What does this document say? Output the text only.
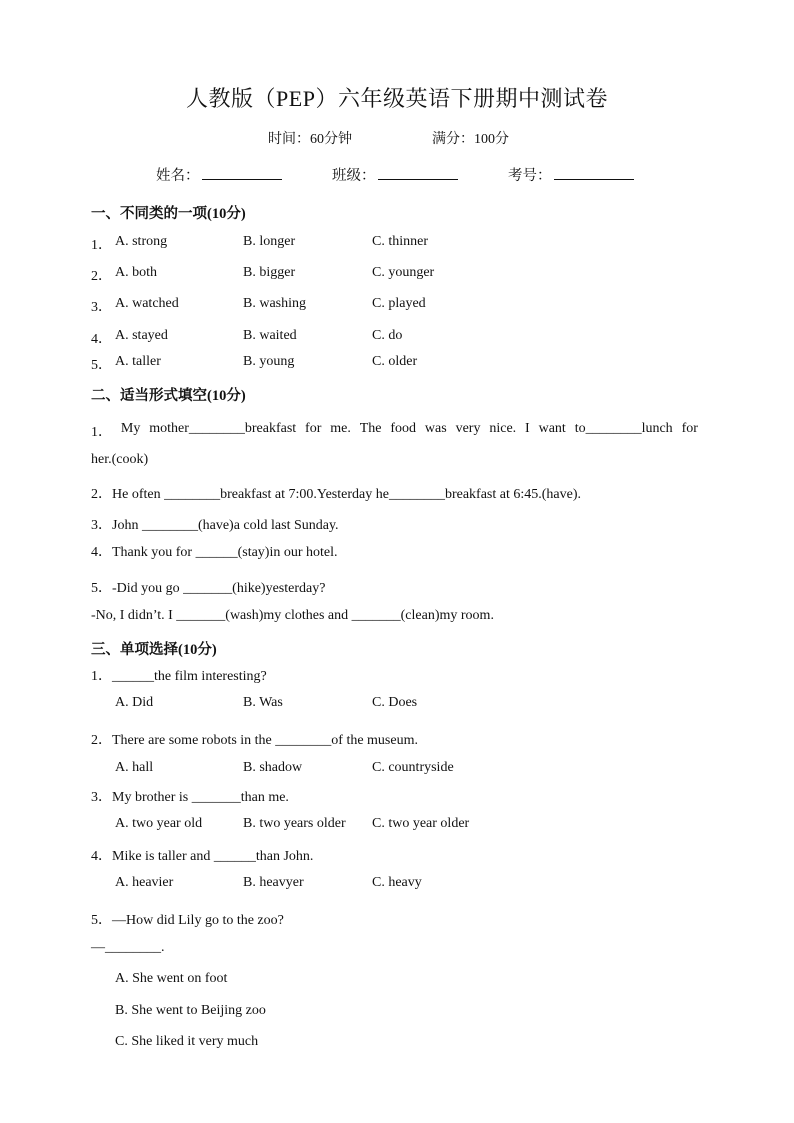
人教版（PEP）六年级英语下册期中测试卷
时间：60分钟	满分：100分
姓名：	班级：	考号：
一、不同类的一项(10分)
1． A. strong	B. longer	C. thinner
2． A. both	B. bigger	C. younger
3． A. watched	B. washing	C. played
4． A. stayed	B. waited	C. do
5． A. taller	B. young	C. older
二、适当形式填空(10分)
1． My mother________breakfast for me. The food was very nice. I want to________lunch for
her.(cook)
2．He often ________breakfast at 7:00.Yesterday he________breakfast at 6:45.(have).
3．John ________(have)a cold last Sunday.
4．Thank you for ______(stay)in our hotel.
5．-Did you go _______(hike)yesterday?
-No, I didn’t. I _______(wash)my clothes and _______(clean)my room.
三、单项选择(10分)
1．______the film interesting?
A. Did	B. Was	C. Does
2．There are some robots in the ________of the museum.
A. hall	B. shadow	C. countryside
3．My brother is _______than me.
A. two year old	B. two years older C. two year older
4．Mike is taller and ______than John.
A. heavier	B. heavyer	C. heavy
5．—How did Lily go to the zoo?
—________.
A. She went on foot
B. She went to Beijing zoo
C. She liked it very much
